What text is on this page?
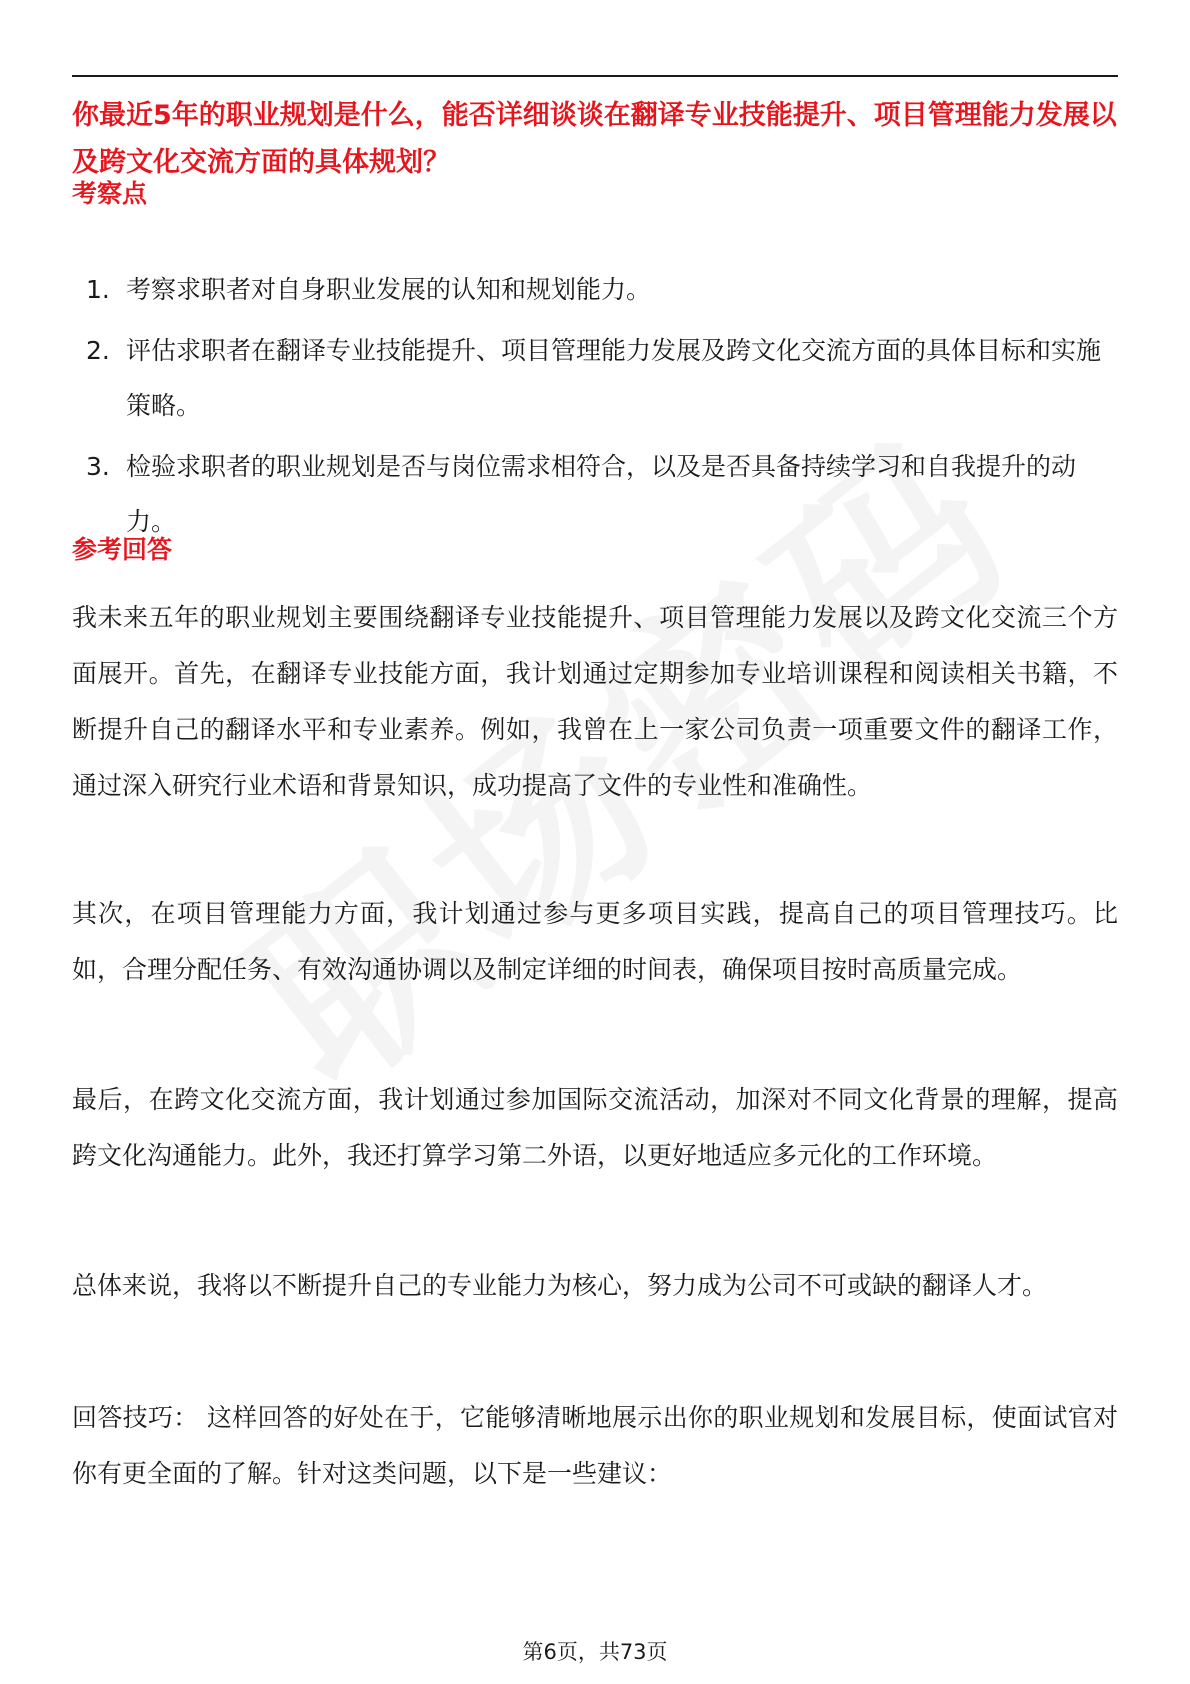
你最近5年的职业规划是什么，能否详细谈谈在翻译专业技能提升、项目管理能力发展以及跨文化交流方面的具体规划？

考察点
1. 考察求职者对自身职业发展的认知和规划能力。
2. 评估求职者在翻译专业技能提升、项目管理能力发展及跨文化交流方面的具体目标和实施策略。
3. 检验求职者的职业规划是否与岗位需求相符合，以及是否具备持续学习和自我提升的动力。
参考回答

我未来五年的职业规划主要围绕翻译专业技能提升、项目管理能力发展以及跨文化交流三个方面展开。首先，在翻译专业技能方面，我计划通过定期参加专业培训课程和阅读相关书籍，不断提升自己的翻译水平和专业素养。例如，我曾在上一家公司负责一项重要文件的翻译工作，通过深入研究行业术语和背景知识，成功提高了文件的专业性和准确性。

其次，在项目管理能力方面，我计划通过参与更多项目实践，提高自己的项目管理技巧。比如，合理分配任务、有效沟通协调以及制定详细的时间表，确保项目按时高质量完成。

最后，在跨文化交流方面，我计划通过参加国际交流活动，加深对不同文化背景的理解，提高跨文化沟通能力。此外，我还打算学习第二外语，以更好地适应多元化的工作环境。

总体来说，我将以不断提升自己的专业能力为核心，努力成为公司不可或缺的翻译人才。

回答技巧： 这样回答的好处在于，它能够清晰地展示出你的职业规划和发展目标，使面试官对你有更全面的了解。针对这类问题，以下是一些建议：

第6页，共73页
